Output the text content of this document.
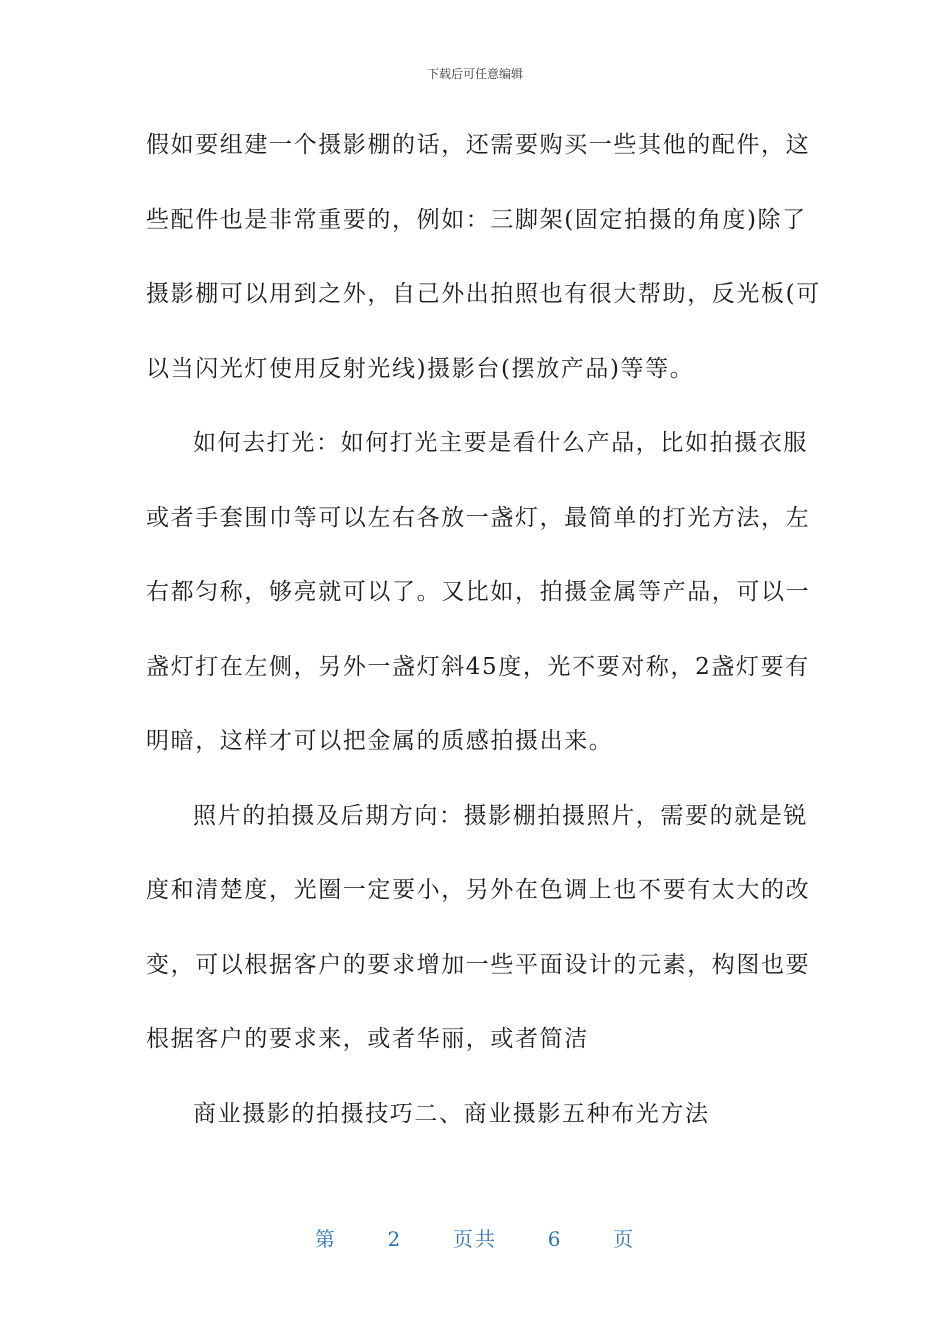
下载后可任意编辑
假如要组建一个摄影棚的话，还需要购买一些其他的配件，这
些配件也是非常重要的，例如：三脚架(固定拍摄的角度)除了
摄影棚可以用到之外，自己外出拍照也有很大帮助，反光板(可
以当闪光灯使用反射光线)摄影台(摆放产品)等等。
如何去打光：如何打光主要是看什么产品，比如拍摄衣服
或者手套围巾等可以左右各放一盏灯，最简单的打光方法，左
右都匀称，够亮就可以了。又比如，拍摄金属等产品，可以一
盏灯打在左侧，另外一盏灯斜45度，光不要对称，2盏灯要有
明暗，这样才可以把金属的质感拍摄出来。
照片的拍摄及后期方向：摄影棚拍摄照片，需要的就是锐
度和清楚度，光圈一定要小，另外在色调上也不要有太大的改
变，可以根据客户的要求增加一些平面设计的元素，构图也要
根据客户的要求来，或者华丽，或者简洁
商业摄影的拍摄技巧二、商业摄影五种布光方法
第	2	页共	6	页
